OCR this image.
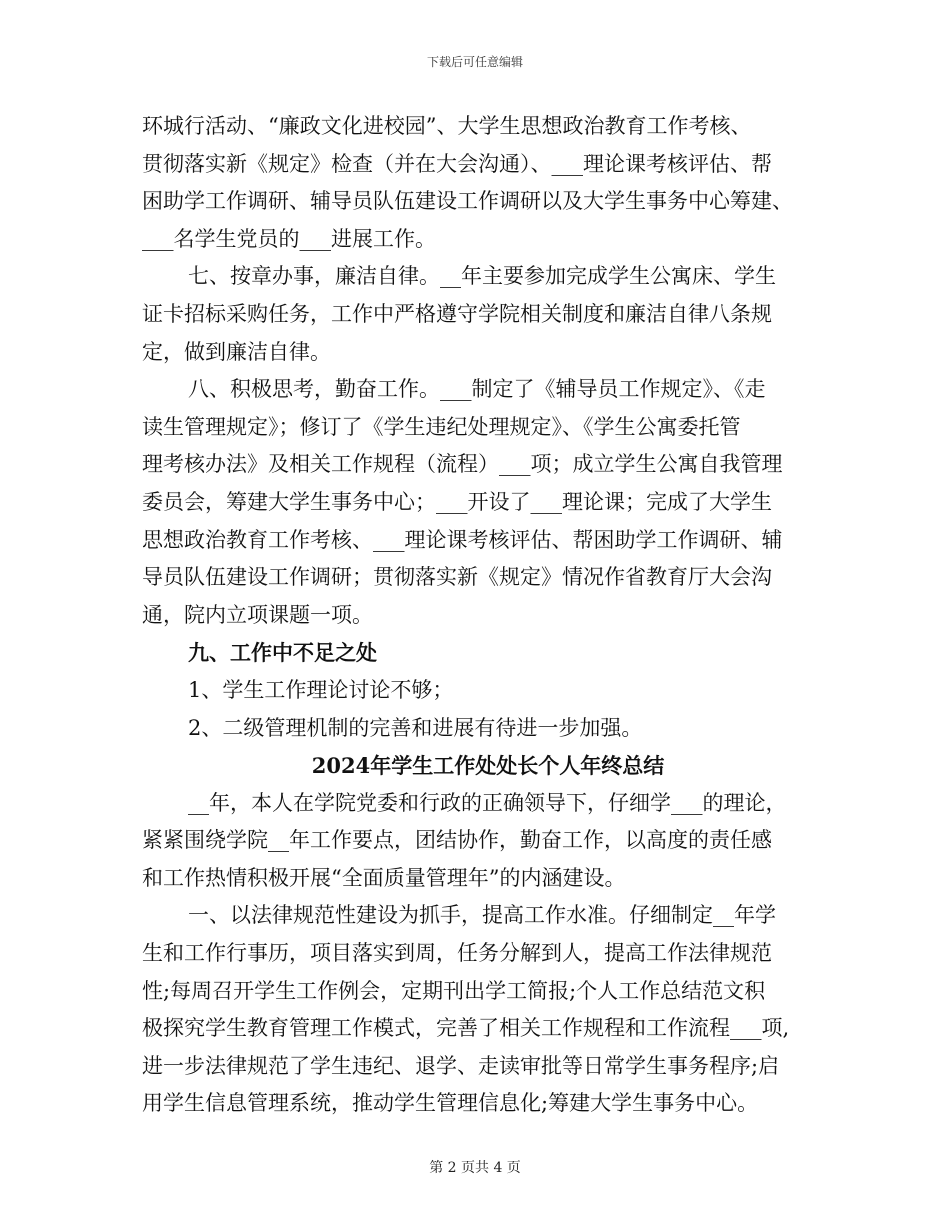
下载后可任意编辑
环城行活动、“廉政文化进校园”、大学生思想政治教育工作考核、
贯彻落实新《规定》检查（并在大会沟通）、___理论课考核评估、帮
困助学工作调研、辅导员队伍建设工作调研以及大学生事务中心筹建、
___名学生党员的___进展工作。
七、按章办事，廉洁自律。__年主要参加完成学生公寓床、学生
证卡招标采购任务，工作中严格遵守学院相关制度和廉洁自律八条规
定，做到廉洁自律。
八、积极思考，勤奋工作。___制定了《辅导员工作规定》、《走
读生管理规定》；修订了《学生违纪处理规定》、《学生公寓委托管
理考核办法》及相关工作规程（流程）___项；成立学生公寓自我管理
委员会，筹建大学生事务中心；___开设了___理论课；完成了大学生
思想政治教育工作考核、___理论课考核评估、帮困助学工作调研、辅
导员队伍建设工作调研；贯彻落实新《规定》情况作省教育厅大会沟
通，院内立项课题一项。
九、工作中不足之处
1、学生工作理论讨论不够；
2、二级管理机制的完善和进展有待进一步加强。
2024年学生工作处处长个人年终总结
__年，本人在学院党委和行政的正确领导下，仔细学___的理论，
紧紧围绕学院__年工作要点，团结协作，勤奋工作，以高度的责任感
和工作热情积极开展“全面质量管理年”的内涵建设。
一、以法律规范性建设为抓手，提高工作水准。仔细制定__年学
生和工作行事历，项目落实到周，任务分解到人，提高工作法律规范
性;每周召开学生工作例会，定期刊出学工简报;个人工作总结范文积
极探究学生教育管理工作模式，完善了相关工作规程和工作流程___项,
进一步法律规范了学生违纪、退学、走读审批等日常学生事务程序;启
用学生信息管理系统，推动学生管理信息化;筹建大学生事务中心。
第 2 页共 4 页
